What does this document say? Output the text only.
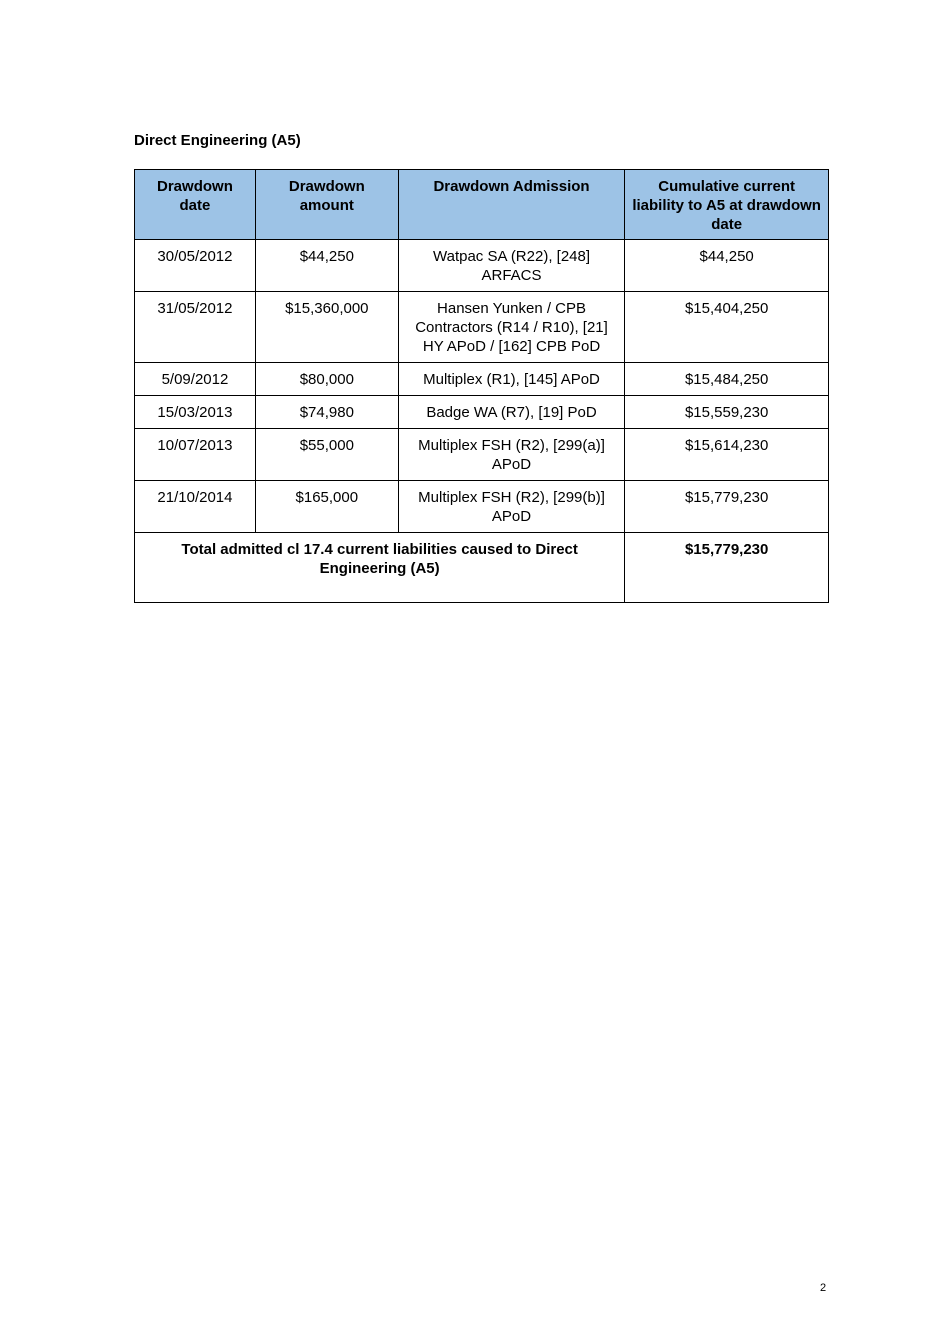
Direct Engineering (A5)
Drawdown date	Drawdown amount	Drawdown Admission	Cumulative current liability to A5 at drawdown date
30/05/2012	$44,250	Watpac SA (R22), [248] ARFACS	$44,250
31/05/2012	$15,360,000	Hansen Yunken / CPB Contractors (R14 / R10), [21] HY APoD / [162] CPB PoD	$15,404,250
5/09/2012	$80,000	Multiplex (R1), [145] APoD	$15,484,250
15/03/2013	$74,980	Badge WA (R7), [19] PoD	$15,559,230
10/07/2013	$55,000	Multiplex FSH (R2), [299(a)] APoD	$15,614,230
21/10/2014	$165,000	Multiplex FSH (R2), [299(b)] APoD	$15,779,230
Total admitted cl 17.4 current liabilities caused to Direct Engineering (A5)			$15,779,230
2
